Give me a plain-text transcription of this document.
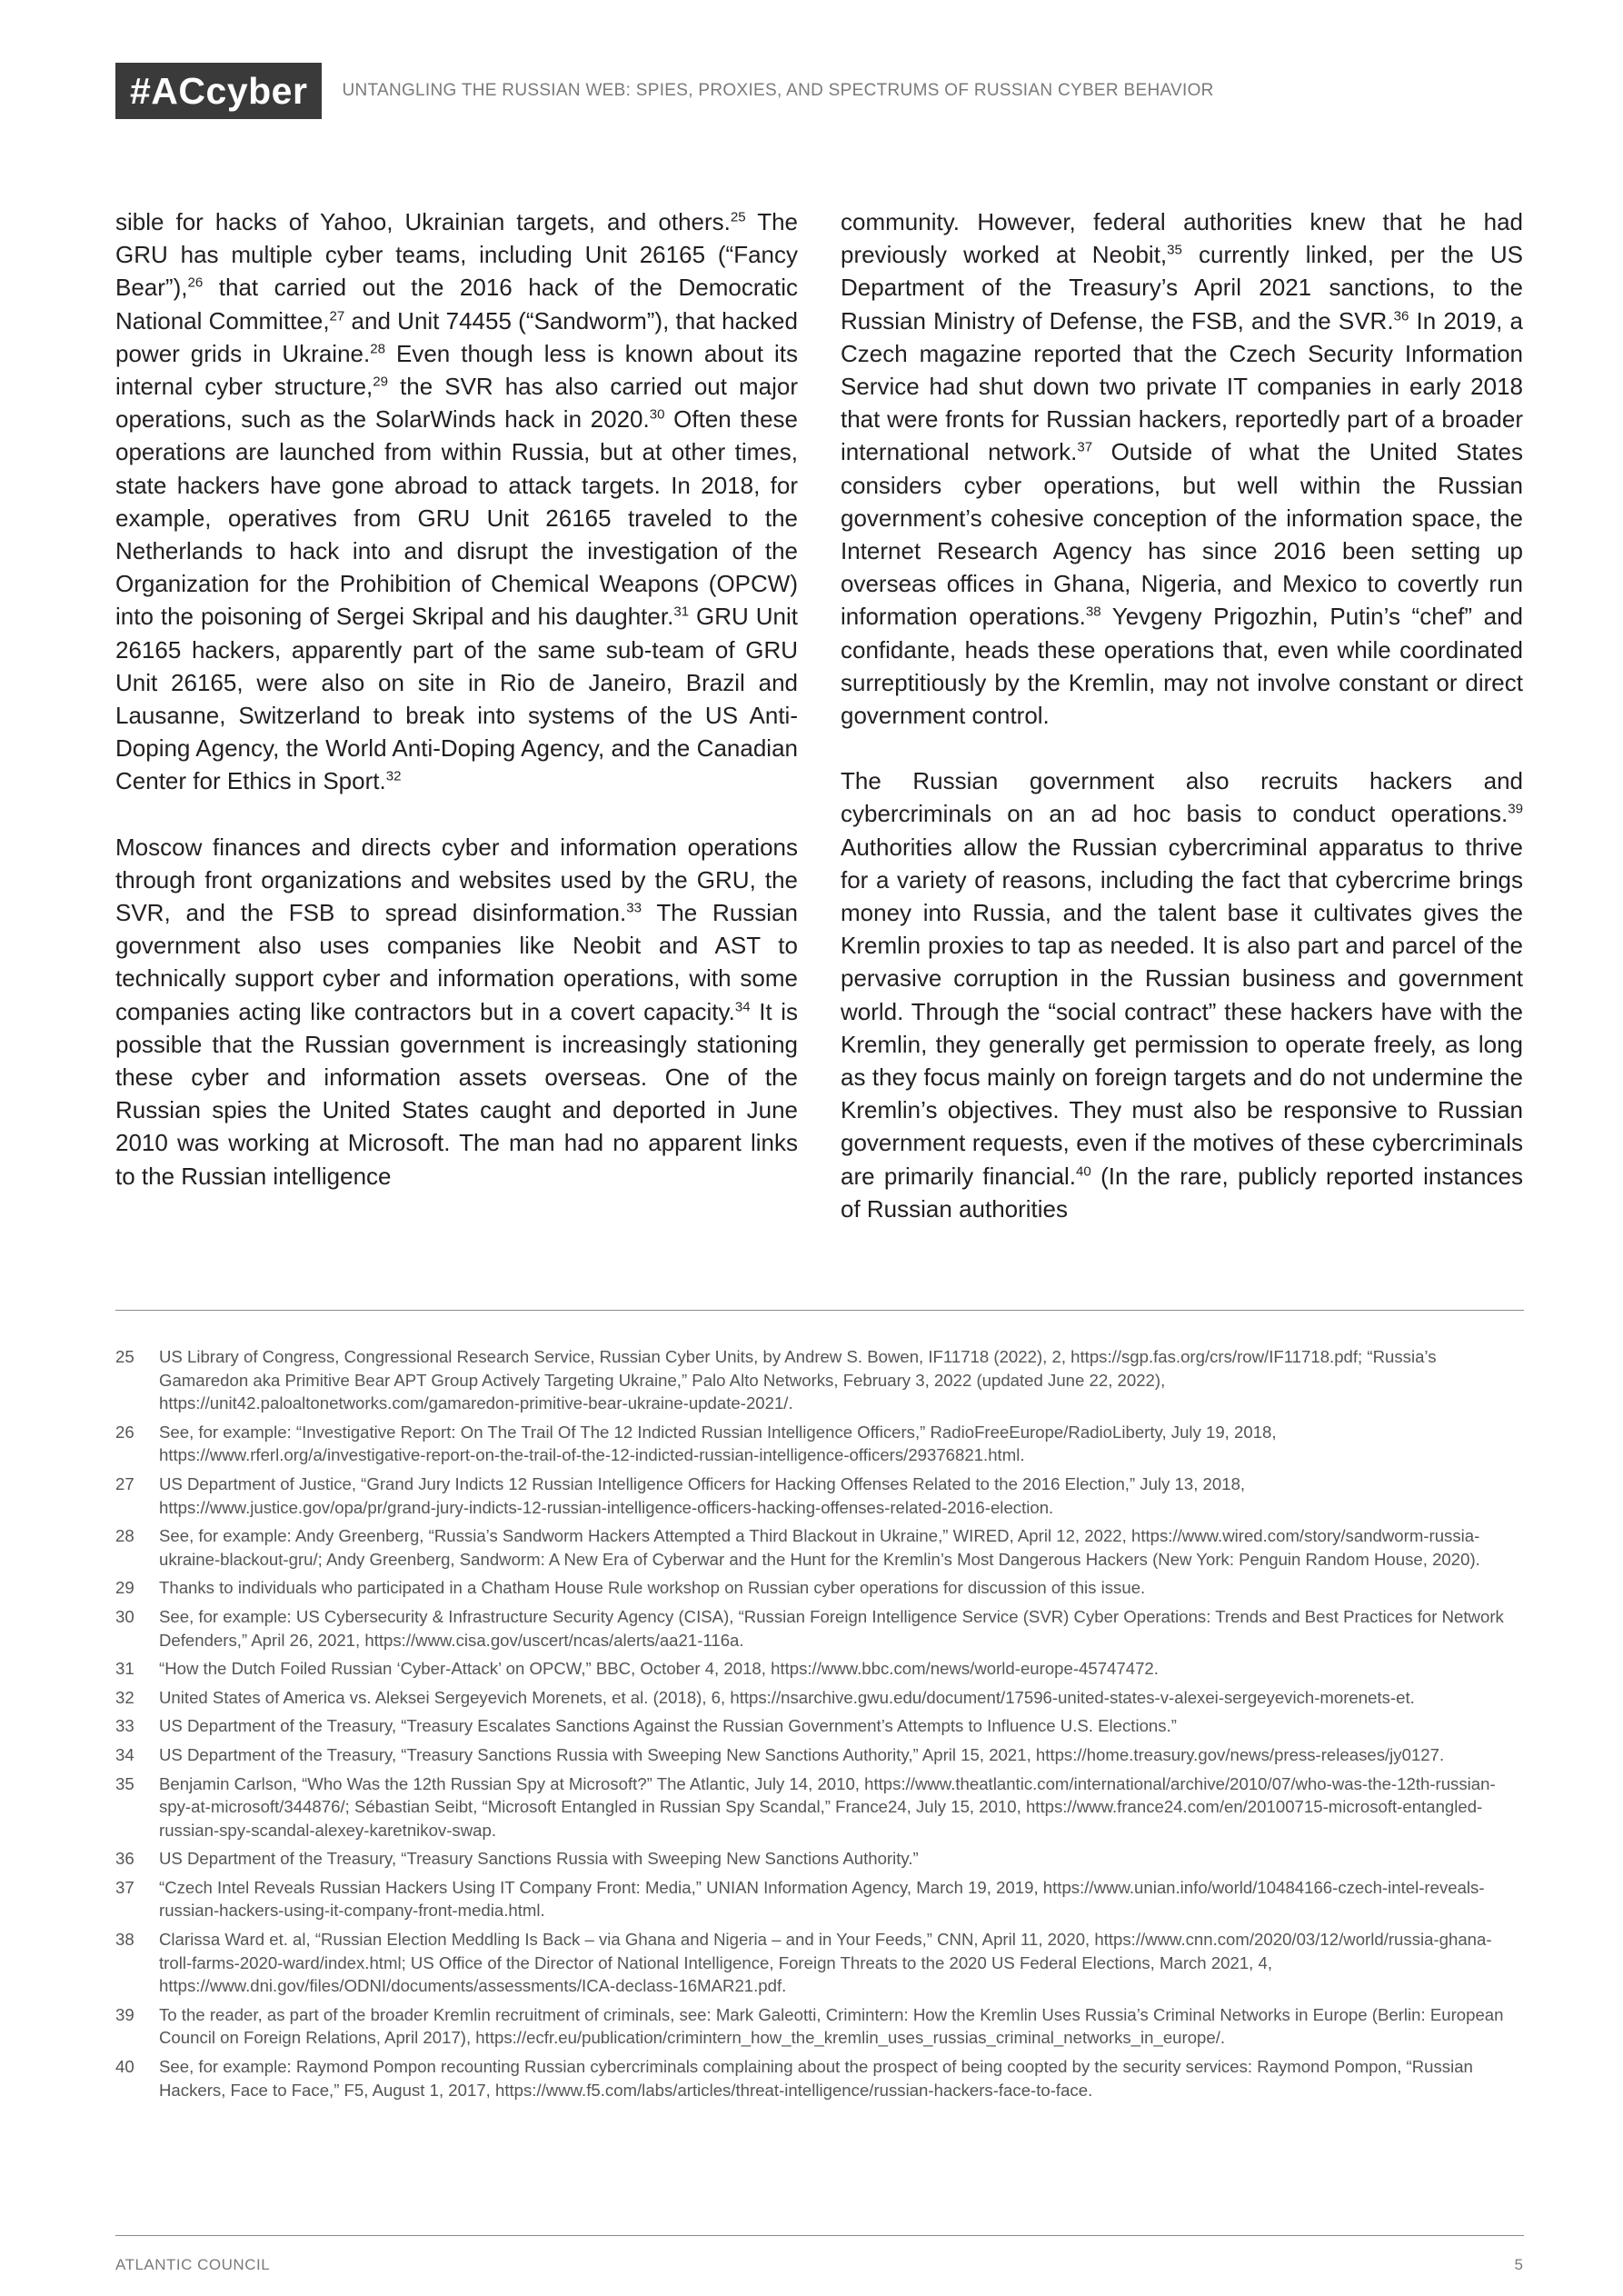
#ACcyber	UNTANGLING THE RUSSIAN WEB: SPIES, PROXIES, AND SPECTRUMS OF RUSSIAN CYBER BEHAVIOR

sible for hacks of Yahoo, Ukrainian targets, and others.$^{25}$ The GRU has multiple cyber teams, including Unit 26165 (“Fancy Bear”),$^{26}$ that carried out the 2016 hack of the Democratic National Committee,$^{27}$ and Unit 74455 (“Sandworm”), that hacked power grids in Ukraine.$^{28}$ Even though less is known about its internal cyber structure,$^{29}$ the SVR has also carried out major operations, such as the SolarWinds hack in 2020.30 Often these operations are launched from within Russia, but at other times, state hackers have gone abroad to attack targets. In 2018, for example, operatives from GRU Unit 26165 traveled to the Netherlands to hack into and disrupt the investigation of the Organization for the Prohibition of Chemical Weapons (OPCW) into the poisoning of Sergei Skripal and his daughter.$^{31}$ GRU Unit 26165 hackers, apparently part of the same sub-team of GRU Unit 26165, were also on site in Rio de Janeiro, Brazil and Lausanne, Switzerland to break into systems of the US Anti-Doping Agency, the World Anti-Doping Agency, and the Canadian Center for Ethics in Sport.$^{32}$

Moscow finances and directs cyber and information operations through front organizations and websites used by the GRU, the SVR, and the FSB to spread disinformation.$^{33}$ The Russian government also uses companies like Neobit and AST to technically support cyber and information operations, with some companies acting like contractors but in a covert capacity.$^{34}$ It is possible that the Russian government is increasingly stationing these cyber and information assets overseas. One of the Russian spies the United States caught and deported in June 2010 was working at Microsoft. The man had no apparent links to the Russian intelligence

community. However, federal authorities knew that he had previously worked at Neobit,$^{35}$ currently linked, per the US Department of the Treasury’s April 2021 sanctions, to the Russian Ministry of Defense, the FSB, and the SVR.$^{36}$ In 2019, a Czech magazine reported that the Czech Security Information Service had shut down two private IT companies in early 2018 that were fronts for Russian hackers, reportedly part of a broader international network.$^{37}$ Outside of what the United States considers cyber operations, but well within the Russian government’s cohesive conception of the information space, the Internet Research Agency has since 2016 been setting up overseas offices in Ghana, Nigeria, and Mexico to covertly run information operations.$^{38}$ Yevgeny Prigozhin, Putin’s “chef” and confidante, heads these operations that, even while coordinated surreptitiously by the Kremlin, may not involve constant or direct government control.

The Russian government also recruits hackers and cybercriminals on an ad hoc basis to conduct operations.$^{39}$ Authorities allow the Russian cybercriminal apparatus to thrive for a variety of reasons, including the fact that cybercrime brings money into Russia, and the talent base it cultivates gives the Kremlin proxies to tap as needed. It is also part and parcel of the pervasive corruption in the Russian business and government world. Through the “social contract” these hackers have with the Kremlin, they generally get permission to operate freely, as long as they focus mainly on foreign targets and do not undermine the Kremlin’s objectives. They must also be responsive to Russian government requests, even if the motives of these cybercriminals are primarily financial.$^{40}$ (In the rare, publicly reported instances of Russian authorities

25	US Library of Congress, Congressional Research Service, Russian Cyber Units, by Andrew S. Bowen, IF11718 (2022), 2, https://sgp.fas.org/crs/row/IF11718.pdf; “Russia’s Gamaredon aka Primitive Bear APT Group Actively Targeting Ukraine,” Palo Alto Networks, February 3, 2022 (updated June 22, 2022), https://unit42.paloaltonetworks.com/gamaredon-primitive-bear-ukraine-update-2021/.
26	See, for example: “Investigative Report: On The Trail Of The 12 Indicted Russian Intelligence Officers,” RadioFreeEurope/RadioLiberty, July 19, 2018, https://www.rferl.org/a/investigative-report-on-the-trail-of-the-12-indicted-russian-intelligence-officers/29376821.html.
27	US Department of Justice, “Grand Jury Indicts 12 Russian Intelligence Officers for Hacking Offenses Related to the 2016 Election,” July 13, 2018, https://www.justice.gov/opa/pr/grand-jury-indicts-12-russian-intelligence-officers-hacking-offenses-related-2016-election.
28	See, for example: Andy Greenberg, “Russia’s Sandworm Hackers Attempted a Third Blackout in Ukraine,” WIRED, April 12, 2022, https://www.wired.com/story/sandworm-russia-ukraine-blackout-gru/; Andy Greenberg, Sandworm: A New Era of Cyberwar and the Hunt for the Kremlin’s Most Dangerous Hackers (New York: Penguin Random House, 2020).
29	Thanks to individuals who participated in a Chatham House Rule workshop on Russian cyber operations for discussion of this issue.
30	See, for example: US Cybersecurity & Infrastructure Security Agency (CISA), “Russian Foreign Intelligence Service (SVR) Cyber Operations: Trends and Best Practices for Network Defenders,” April 26, 2021, https://www.cisa.gov/uscert/ncas/alerts/aa21-116a.
31	“How the Dutch Foiled Russian ‘Cyber-Attack’ on OPCW,” BBC, October 4, 2018, https://www.bbc.com/news/world-europe-45747472.
32	United States of America vs. Aleksei Sergeyevich Morenets, et al. (2018), 6, https://nsarchive.gwu.edu/document/17596-united-states-v-alexei-sergeyevich-morenets-et.
33	US Department of the Treasury, “Treasury Escalates Sanctions Against the Russian Government’s Attempts to Influence U.S. Elections.”
34	US Department of the Treasury, “Treasury Sanctions Russia with Sweeping New Sanctions Authority,” April 15, 2021, https://home.treasury.gov/news/press-releases/jy0127.
35	Benjamin Carlson, “Who Was the 12th Russian Spy at Microsoft?” The Atlantic, July 14, 2010, https://www.theatlantic.com/international/archive/2010/07/who-was-the-12th-russian-spy-at-microsoft/344876/; Sébastian Seibt, “Microsoft Entangled in Russian Spy Scandal,” France24, July 15, 2010, https://www.france24.com/en/20100715-microsoft-entangled-russian-spy-scandal-alexey-karetnikov-swap.
36	US Department of the Treasury, “Treasury Sanctions Russia with Sweeping New Sanctions Authority.”
37	“Czech Intel Reveals Russian Hackers Using IT Company Front: Media,” UNIAN Information Agency, March 19, 2019, https://www.unian.info/world/10484166-czech-intel-reveals-russian-hackers-using-it-company-front-media.html.
38	Clarissa Ward et. al, “Russian Election Meddling Is Back – via Ghana and Nigeria – and in Your Feeds,” CNN, April 11, 2020, https://www.cnn.com/2020/03/12/world/russia-ghana-troll-farms-2020-ward/index.html; US Office of the Director of National Intelligence, Foreign Threats to the 2020 US Federal Elections, March 2021, 4, https://www.dni.gov/files/ODNI/documents/assessments/ICA-declass-16MAR21.pdf.
39	To the reader, as part of the broader Kremlin recruitment of criminals, see: Mark Galeotti, Crimintern: How the Kremlin Uses Russia’s Criminal Networks in Europe (Berlin: European Council on Foreign Relations, April 2017), https://ecfr.eu/publication/crimintern_how_the_kremlin_uses_russias_criminal_networks_in_europe/.
40	See, for example: Raymond Pompon recounting Russian cybercriminals complaining about the prospect of being coopted by the security services: Raymond Pompon, “Russian Hackers, Face to Face,” F5, August 1, 2017, https://www.f5.com/labs/articles/threat-intelligence/russian-hackers-face-to-face.
ATLANTIC COUNCIL	5
